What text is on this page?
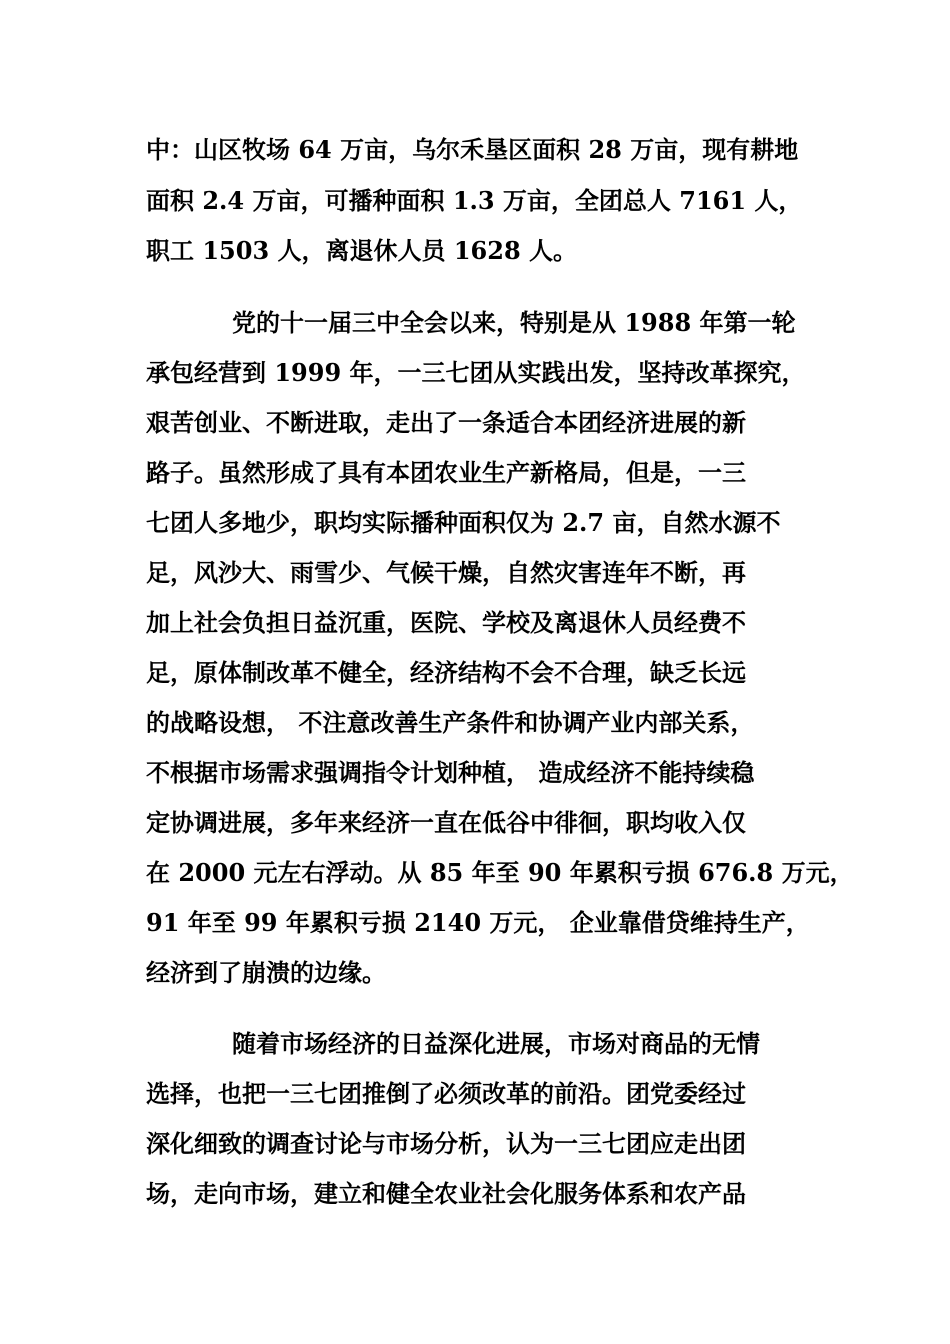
中：山区牧场 64 万亩，乌尔禾垦区面积 28 万亩，现有耕地

面积 2.4 万亩，可播种面积 1.3 万亩，全团总人 7161 人，

职工 1503 人，离退休人员 1628 人。

党的十一届三中全会以来，特别是从 1988 年第一轮

承包经营到 1999 年，一三七团从实践出发，坚持改革探究，

艰苦创业、不断进取，走出了一条适合本团经济进展的新

路子。虽然形成了具有本团农业生产新格局，但是，一三

七团人多地少，职均实际播种面积仅为 2.7 亩，自然水源不

足，风沙大、雨雪少、气候干燥，自然灾害连年不断，再

加上社会负担日益沉重，医院、学校及离退休人员经费不

足，原体制改革不健全，经济结构不会不合理，缺乏长远

的战略设想， 不注意改善生产条件和协调产业内部关系，

不根据市场需求强调指令计划种植， 造成经济不能持续稳

定协调进展，多年来经济一直在低谷中徘徊，职均收入仅

在 2000 元左右浮动。从 85 年至 90 年累积亏损 676.8 万元，

91 年至 99 年累积亏损 2140 万元， 企业靠借贷维持生产，

经济到了崩溃的边缘。

随着市场经济的日益深化进展，市场对商品的无情

选择，也把一三七团推倒了必须改革的前沿。团党委经过

深化细致的调查讨论与市场分析，认为一三七团应走出团

场，走向市场，建立和健全农业社会化服务体系和农产品
